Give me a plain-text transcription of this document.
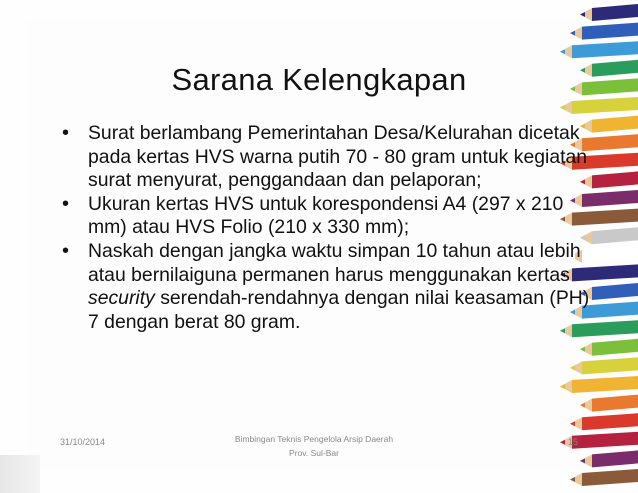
Sarana Kelengkapan
• Surat berlambang Pemerintahan Desa/Kelurahan dicetak pada kertas HVS warna putih 70 - 80 gram untuk kegiatan surat menyurat, penggandaan dan pelaporan;
• Ukuran kertas HVS untuk korespondensi A4 (297 x 210 mm) atau HVS Folio (210 x 330 mm);
• Naskah dengan jangka waktu simpan 10 tahun atau lebih atau bernilaiguna permanen harus menggunakan kertas security serendah-rendahnya dengan nilai keasaman (PH) 7 dengan berat 80 gram.
31/10/2014	Bimbingan Teknis Pengelola Arsip Daerah
Prov. Sul-Bar
15
